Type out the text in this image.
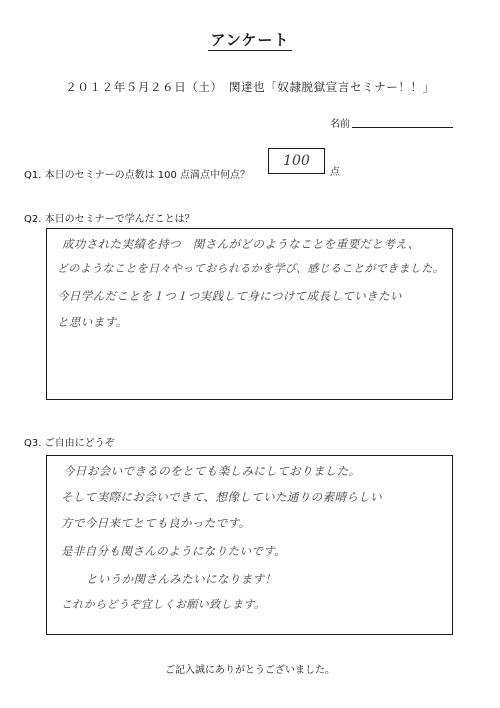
アンケート
２０１２年５月２６日（土）　関達也「奴隷脱獄宣言セミナー！！」
名前
Q1. 本日のセミナーの点数は 100 点満点中何点？
100
点
Q2. 本日のセミナーで学んだことは？
成功された実績を持つ　関さんがどのようなことを重要だと考え、
どのようなことを日々やっておられるかを学び、感じることができました。
今日学んだことを１つ１つ実践して身につけて成長していきたい
と思います。
Q3. ご自由にどうぞ
今日お会いできるのをとても楽しみにしておりました。
そして実際にお会いできて、想像していた通りの素晴らしい
方で今日来てとても良かったです。
是非自分も関さんのようになりたいです。
というか関さんみたいになります！
これからどうぞ宜しくお願い致します。
ご記入誠にありがとうございました。
